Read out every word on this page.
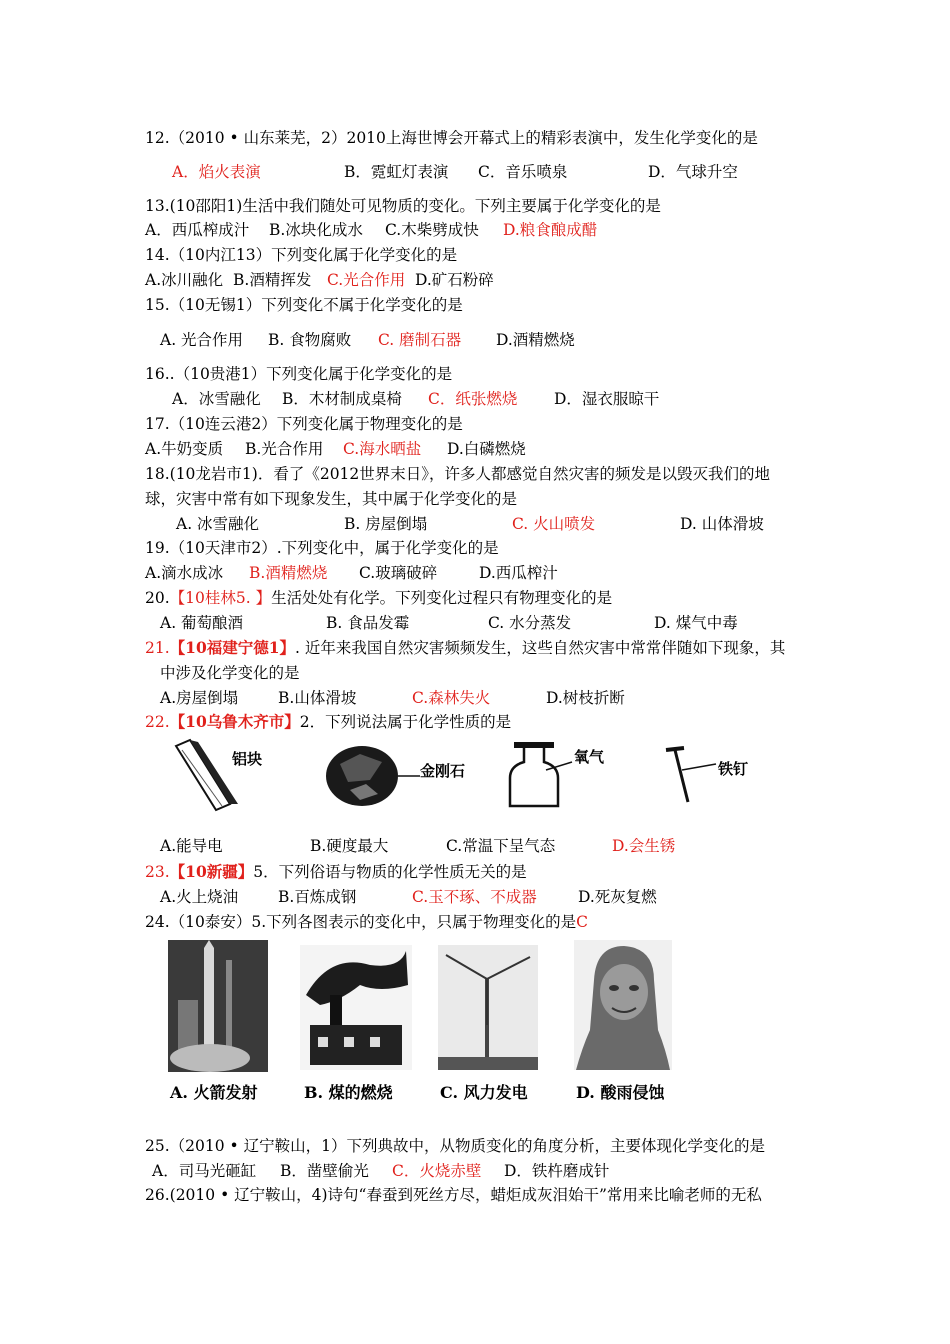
12.（2010 • 山东莱芜，2）2010上海世博会开幕式上的精彩表演中，发生化学变化的是
A．焰火表演	B．霓虹灯表演 C．音乐喷泉	D．气球升空
13.(10邵阳1)生活中我们随处可见物质的变化。下列主要属于化学变化的是
A．西瓜榨成汁 B.冰块化成水 C.木柴劈成快 D.粮食酿成醋
14.（10内江13）下列变化属于化学变化的是
A.冰川融化 B.酒精挥发 C.光合作用 D.矿石粉碎
15.（10无锡1）下列变化不属于化学变化的是
A. 光合作用 B. 食物腐败 C. 磨制石器 D.酒精燃烧
16..（10贵港1）下列变化属于化学变化的是
A．冰雪融化 B．木材制成桌椅 C．纸张燃烧 D．湿衣服晾干
17.（10连云港2）下列变化属于物理变化的是
A.牛奶变质 B.光合作用 C.海水晒盐 D.白磷燃烧
18.(10龙岩市1)．看了《2012世界末日》，许多人都感觉自然灾害的频发是以毁灭我们的地
球，灾害中常有如下现象发生，其中属于化学变化的是
A. 冰雪融化	B. 房屋倒塌	C. 火山喷发	D. 山体滑坡
19.（10天津市2）.下列变化中，属于化学变化的是
A.滴水成冰 B.酒精燃烧 C.玻璃破碎	D.西瓜榨汁
20.【10桂林5. 】生活处处有化学。下列变化过程只有物理变化的是
A. 葡萄酿酒	B. 食品发霉	C. 水分蒸发	D. 煤气中毒
21.【10福建宁德1】. 近年来我国自然灾害频频发生，这些自然灾害中常常伴随如下现象，其
中涉及化学变化的是
A.房屋倒塌	B.山体滑坡	C.森林失火	D.树枝折断
22.【10乌鲁木齐市】2．下列说法属于化学性质的是
铝块
金刚石
氧气
铁钉
A.能导电	B.硬度最大	C.常温下呈气态	D.会生锈
23.【10新疆】5．下列俗语与物质的化学性质无关的是
A.火上烧油	B.百炼成钢	C.玉不琢、不成器	D.死灰复燃
24.（10泰安）5.下列各图表示的变化中，只属于物理变化的是C
A. 火箭发射	B. 煤的燃烧	C. 风力发电	D. 酸雨侵蚀
25.（2010 • 辽宁鞍山，1）下列典故中，从物质变化的角度分析，主要体现化学变化的是
A．司马光砸缸 B．凿壁偷光 C．火烧赤壁 D．铁杵磨成针
26.(2010 • 辽宁鞍山，4)诗句“春蚕到死丝方尽，蜡炬成灰泪始干”常用来比喻老师的无私
